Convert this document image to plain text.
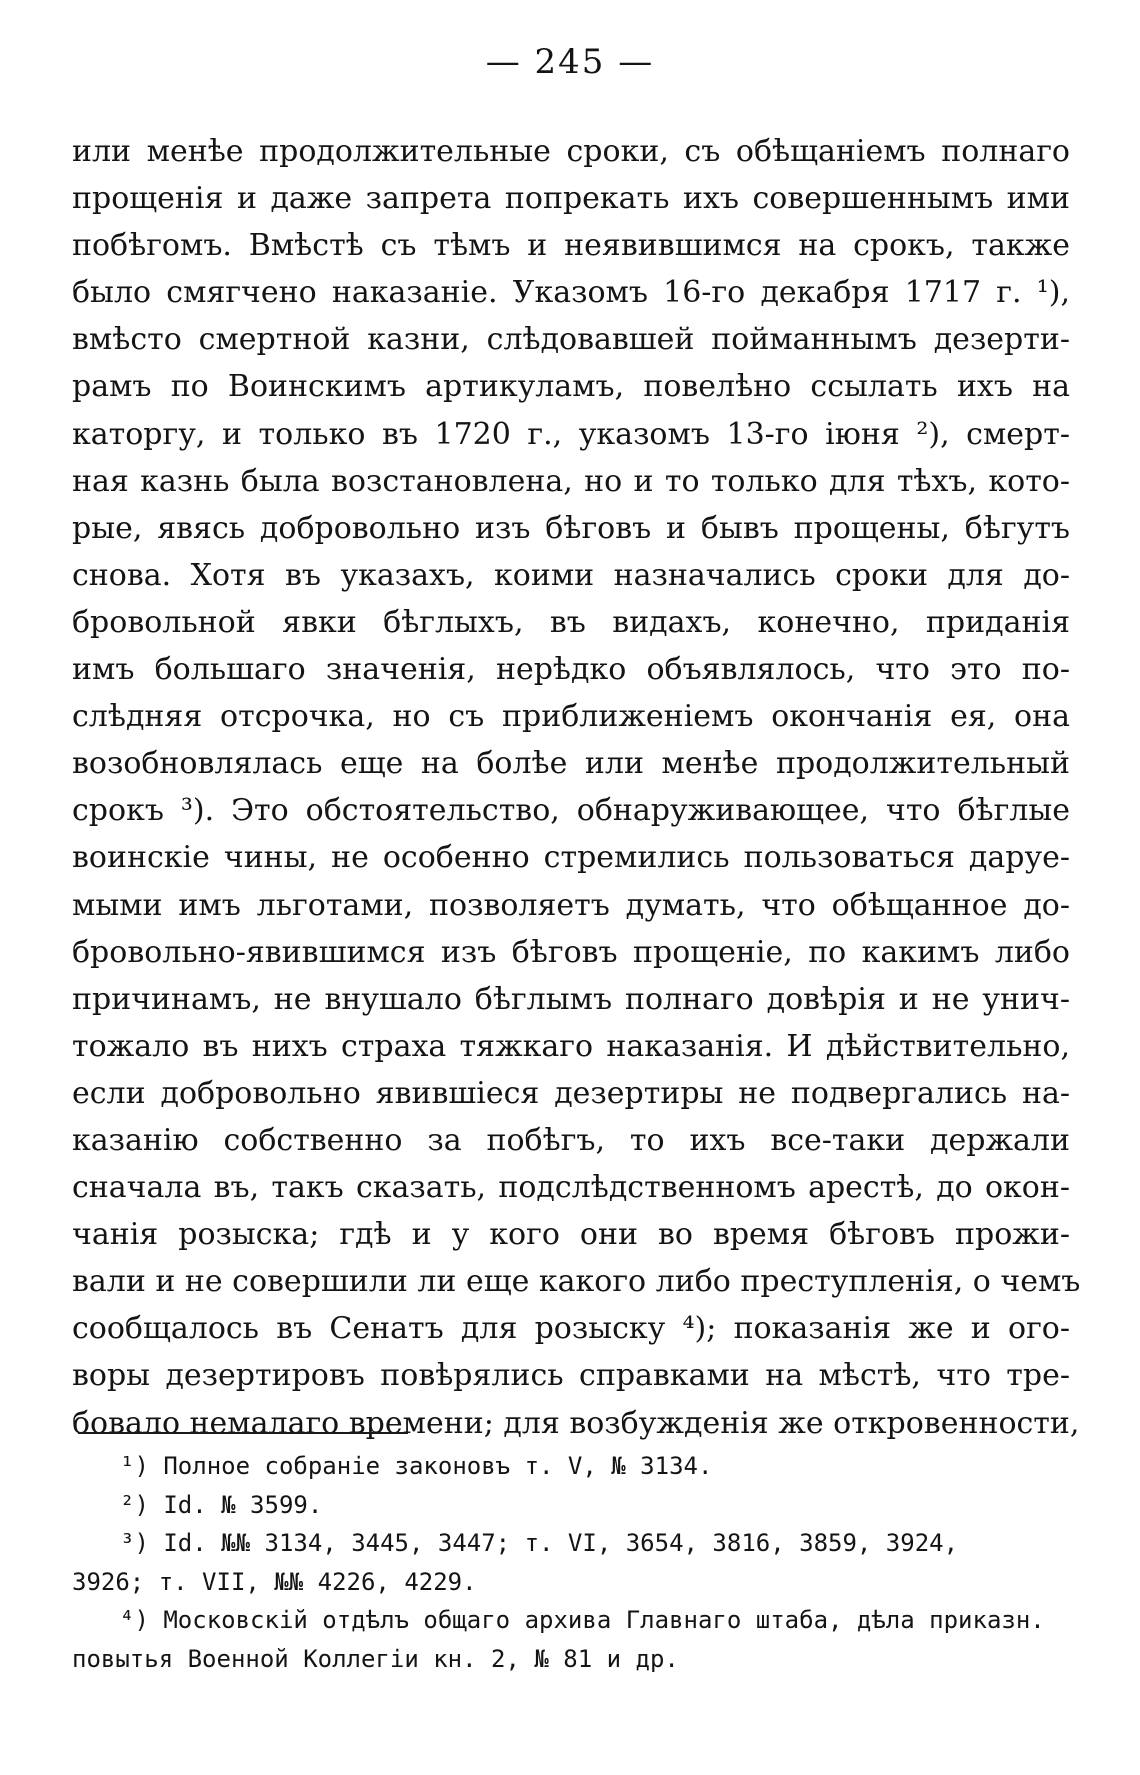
— 245 —
или менѣе продолжительные сроки, съ обѣщаніемъ полнаго
прощенія и даже запрета попрекать ихъ совершеннымъ ими
побѣгомъ. Вмѣстѣ съ тѣмъ и неявившимся на срокъ, также
было смягчено наказаніе. Указомъ 16-го декабря 1717 г. ¹),
вмѣсто смертной казни, слѣдовавшей пойманнымъ дезерти-
рамъ по Воинскимъ артикуламъ, повелѣно ссылать ихъ на
каторгу, и только въ 1720 г., указомъ 13-го іюня ²), смерт-
ная казнь была возстановлена, но и то только для тѣхъ, кото-
рые, явясь добровольно изъ бѣговъ и бывъ прощены, бѣгутъ
снова. Хотя въ указахъ, коими назначались сроки для до-
бровольной явки бѣглыхъ, въ видахъ, конечно, приданія
имъ большаго значенія, нерѣдко объявлялось, что это по-
слѣдняя отсрочка, но съ приближеніемъ окончанія ея, она
возобновлялась еще на болѣе или менѣе продолжительный
срокъ ³). Это обстоятельство, обнаруживающее, что бѣглые
воинскіе чины, не особенно стремились пользоваться даруе-
мыми имъ льготами, позволяетъ думать, что обѣщанное до-
бровольно-явившимся изъ бѣговъ прощеніе, по какимъ либо
причинамъ, не внушало бѣглымъ полнаго довѣрія и не унич-
тожало въ нихъ страха тяжкаго наказанія. И дѣйствительно,
если добровольно явившіеся дезертиры не подвергались на-
казанію собственно за побѣгъ, то ихъ все-таки держали
сначала въ, такъ сказать, подслѣдственномъ арестѣ, до окон-
чанія розыска; гдѣ и у кого они во время бѣговъ прожи-
вали и не совершили ли еще какого либо преступленія, о чемъ
сообщалось въ Сенатъ для розыску ⁴); показанія же и ого-
воры дезертировъ повѣрялись справками на мѣстѣ, что тре-
бовало немалаго времени; для возбужденія же откровенности,
¹) Полное собраніе законовъ т. V, № 3134.
²) Id. № 3599.
³) Id. №№ 3134, 3445, 3447; т. VI, 3654, 3816, 3859, 3924,
3926; т. VII, №№ 4226, 4229.
⁴) Московскій отдѣлъ общаго архива Главнаго штаба, дѣла приказн.
повытья Военной Коллегіи кн. 2, № 81 и др.
